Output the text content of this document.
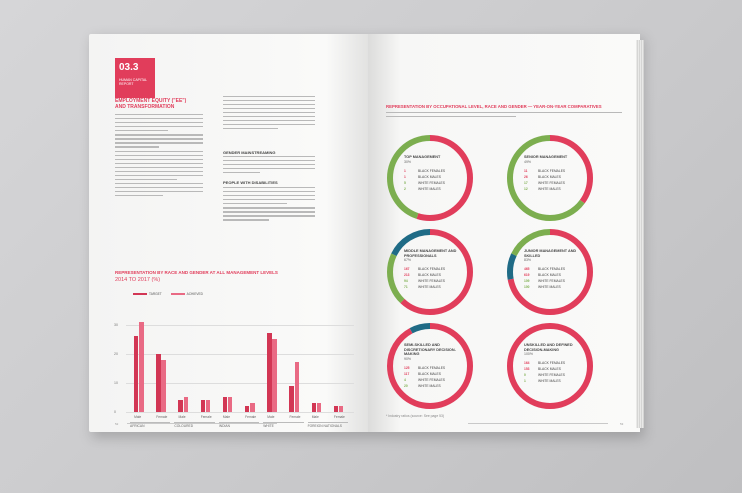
03.3
HUMAN CAPITAL REPORT
EMPLOYMENT EQUITY ("EE")
AND TRANSFORMATION
GENDER MAINSTREAMING
PEOPLE WITH DISABILITIES
REPRESENTATION BY RACE AND GENDER AT ALL MANAGEMENT LEVELS
2014 TO 2017 (%)
TARGET	ACHIEVED
0
10
20
30
Male	Female	Male	Female	Male	Female	Male	Female	Male	Female
AFRICAN	COLOURED	INDIAN	WHITE	FOREIGN NATIONALS
52
REPRESENTATION BY OCCUPATIONAL LEVEL, RACE AND GENDER — YEAR-ON-YEAR COMPARATIVES
TOP MANAGEMENT
30%
1	BLACK FEMALES
1	BLACK MALES
5	WHITE FEMALES
2	WHITE MALES
SENIOR MANAGEMENT
49%
11	BLACK FEMALES
26	BLACK MALES
17	WHITE FEMALES
12	WHITE MALES
MIDDLE MANAGEMENT AND PROFESSIONALS
67%
167	BLACK FEMALES
213	BLACK MALES
94	WHITE FEMALES
71	WHITE MALES
JUNIOR MANAGEMENT AND SKILLED
83%
465	BLACK FEMALES
619	BLACK MALES
109	WHITE FEMALES
100	WHITE MALES
SEMI-SKILLED AND DISCRETIONARY DECISION-MAKING
90%
125	BLACK FEMALES
117	BLACK MALES
4	WHITE FEMALES
20	WHITE MALES
UNSKILLED AND DEFINED DECISION-MAKING
100%
164	BLACK FEMALES
153	BLACK MALES
0	WHITE FEMALES
1	WHITE MALES
* Industry ratios (source: See page 53)
53
